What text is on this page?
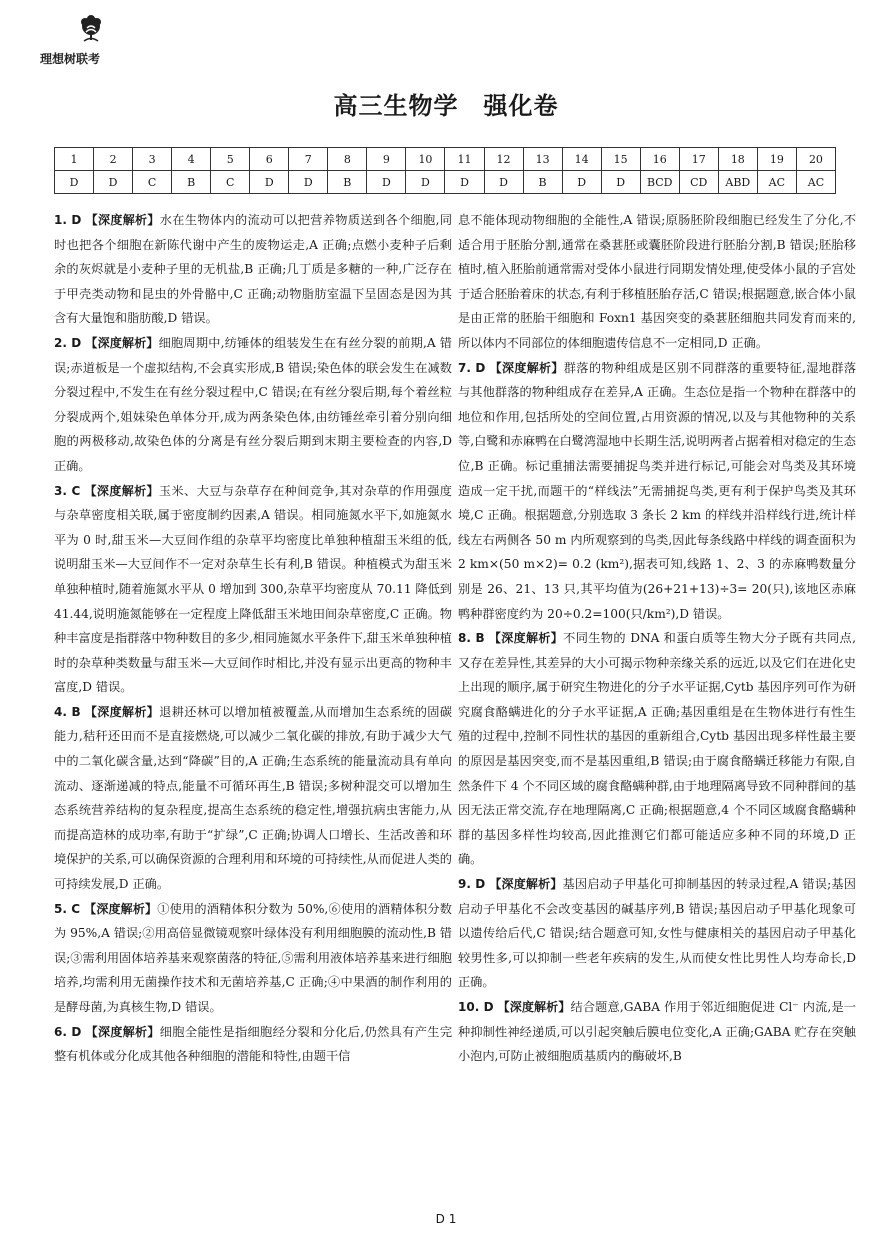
理想树联考
高三生物学　强化卷
1	2	3	4	5	6	7	8	9	10	11	12	13	14	15	16	17	18	19	20
D	D	C	B	C	D	D	B	D	D	D	D	B	D	D	BCD	CD	ABD	AC	AC

1. D 【深度解析】水在生物体内的流动可以把营养物质送到各个细胞,同时也把各个细胞在新陈代谢中产生的废物运走,A 正确;点燃小麦种子后剩余的灰烬就是小麦种子里的无机盐,B 正确;几丁质是多糖的一种,广泛存在于甲壳类动物和昆虫的外骨骼中,C 正确;动物脂肪室温下呈固态是因为其含有大量饱和脂肪酸,D 错误。

2. D 【深度解析】细胞周期中,纺锤体的组装发生在有丝分裂的前期,A 错误;赤道板是一个虚拟结构,不会真实形成,B 错误;染色体的联会发生在减数分裂过程中,不发生在有丝分裂过程中,C 错误;在有丝分裂后期,每个着丝粒分裂成两个,姐妹染色单体分开,成为两条染色体,由纺锤丝牵引着分别向细胞的两极移动,故染色体的分离是有丝分裂后期到末期主要检查的内容,D 正确。

3. C 【深度解析】玉米、大豆与杂草存在种间竞争,其对杂草的作用强度与杂草密度相关联,属于密度制约因素,A 错误。相同施氮水平下,如施氮水平为 0 时,甜玉米—大豆间作组的杂草平均密度比单独种植甜玉米组的低,说明甜玉米—大豆间作不一定对杂草生长有利,B 错误。种植模式为甜玉米单独种植时,随着施氮水平从 0 增加到 300,杂草平均密度从 70.11 降低到 41.44,说明施氮能够在一定程度上降低甜玉米地田间杂草密度,C 正确。物种丰富度是指群落中物种数目的多少,相同施氮水平条件下,甜玉米单独种植时的杂草种类数量与甜玉米—大豆间作时相比,并没有显示出更高的物种丰富度,D 错误。

4. B 【深度解析】退耕还林可以增加植被覆盖,从而增加生态系统的固碳能力,秸秆还田而不是直接燃烧,可以减少二氧化碳的排放,有助于减少大气中的二氧化碳含量,达到“降碳”目的,A 正确;生态系统的能量流动具有单向流动、逐渐递减的特点,能量不可循环再生,B 错误;多树种混交可以增加生态系统营养结构的复杂程度,提高生态系统的稳定性,增强抗病虫害能力,从而提高造林的成功率,有助于“扩绿”,C 正确;协调人口增长、生活改善和环境保护的关系,可以确保资源的合理利用和环境的可持续性,从而促进人类的可持续发展,D 正确。

5. C 【深度解析】①使用的酒精体积分数为 50%,⑥使用的酒精体积分数为 95%,A 错误;②用高倍显微镜观察叶绿体没有利用细胞膜的流动性,B 错误;③需利用固体培养基来观察菌落的特征,⑤需利用液体培养基来进行细胞培养,均需利用无菌操作技术和无菌培养基,C 正确;④中果酒的制作利用的是酵母菌,为真核生物,D 错误。

6. D 【深度解析】细胞全能性是指细胞经分裂和分化后,仍然具有产生完整有机体或分化成其他各种细胞的潜能和特性,由题干信

息不能体现动物细胞的全能性,A 错误;原肠胚阶段细胞已经发生了分化,不适合用于胚胎分割,通常在桑葚胚或囊胚阶段进行胚胎分割,B 错误;胚胎移植时,植入胚胎前通常需对受体小鼠进行同期发情处理,使受体小鼠的子宫处于适合胚胎着床的状态,有利于移植胚胎存活,C 错误;根据题意,嵌合体小鼠是由正常的胚胎干细胞和 Foxn1 基因突变的桑葚胚细胞共同发育而来的,所以体内不同部位的体细胞遗传信息不一定相同,D 正确。

7. D 【深度解析】群落的物种组成是区别不同群落的重要特征,湿地群落与其他群落的物种组成存在差异,A 正确。生态位是指一个物种在群落中的地位和作用,包括所处的空间位置,占用资源的情况,以及与其他物种的关系等,白鹭和赤麻鸭在白鹭湾湿地中长期生活,说明两者占据着相对稳定的生态位,B 正确。标记重捕法需要捕捉鸟类并进行标记,可能会对鸟类及其环境造成一定干扰,而题干的“样线法”无需捕捉鸟类,更有利于保护鸟类及其环境,C 正确。根据题意,分别选取 3 条长 2 km 的样线并沿样线行进,统计样线左右两侧各 50 m 内所观察到的鸟类,因此每条线路中样线的调查面积为 2 km×(50 m×2)= 0.2 (km²),据表可知,线路 1、2、3 的赤麻鸭数量分别是 26、21、13 只,其平均值为(26+21+13)÷3= 20(只),该地区赤麻鸭种群密度约为 20÷0.2=100(只/km²),D 错误。

8. B 【深度解析】不同生物的 DNA 和蛋白质等生物大分子既有共同点,又存在差异性,其差异的大小可揭示物种亲缘关系的远近,以及它们在进化史上出现的顺序,属于研究生物进化的分子水平证据,Cytb 基因序列可作为研究腐食酪螨进化的分子水平证据,A 正确;基因重组是在生物体进行有性生殖的过程中,控制不同性状的基因的重新组合,Cytb 基因出现多样性最主要的原因是基因突变,而不是基因重组,B 错误;由于腐食酪螨迁移能力有限,自然条件下 4 个不同区域的腐食酪螨种群,由于地理隔离导致不同种群间的基因无法正常交流,存在地理隔离,C 正确;根据题意,4 个不同区域腐食酪螨种群的基因多样性均较高,因此推测它们都可能适应多种不同的环境,D 正确。

9. D 【深度解析】基因启动子甲基化可抑制基因的转录过程,A 错误;基因启动子甲基化不会改变基因的碱基序列,B 错误;基因启动子甲基化现象可以遗传给后代,C 错误;结合题意可知,女性与健康相关的基因启动子甲基化较男性多,可以抑制一些老年疾病的发生,从而使女性比男性人均寿命长,D 正确。

10. D 【深度解析】结合题意,GABA 作用于邻近细胞促进 Cl⁻ 内流,是一种抑制性神经递质,可以引起突触后膜电位变化,A 正确;GABA 贮存在突触小泡内,可防止被细胞质基质内的酶破坏,B

D 1
